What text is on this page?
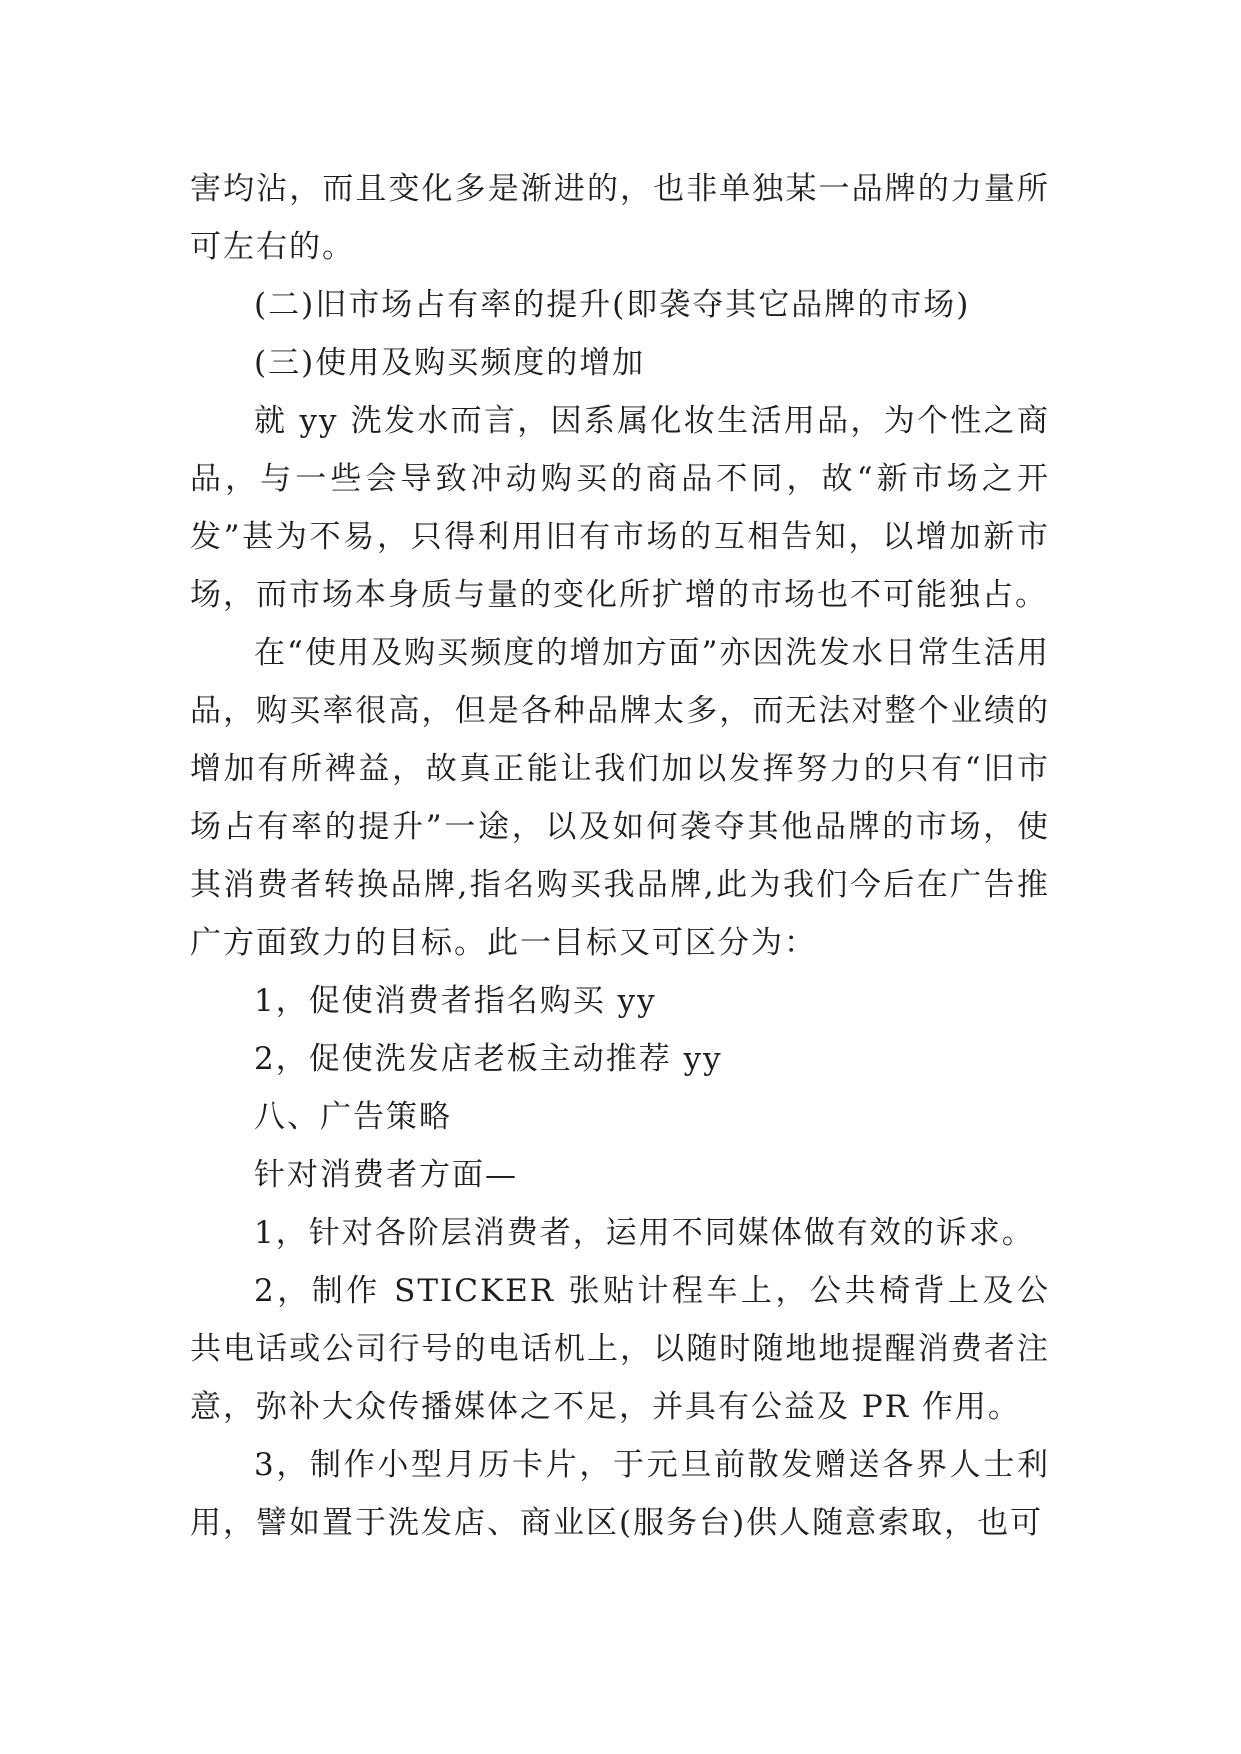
害均沾，而且变化多是渐进的，也非单独某一品牌的力量所可左右的。

(二)旧市场占有率的提升(即袭夺其它品牌的市场)

(三)使用及购买频度的增加

就 yy 洗发水而言，因系属化妆生活用品，为个性之商品，与一些会导致冲动购买的商品不同，故“新市场之开发”甚为不易，只得利用旧有市场的互相告知，以增加新市场，而市场本身质与量的变化所扩增的市场也不可能独占。

在“使用及购买频度的增加方面”亦因洗发水日常生活用品，购买率很高，但是各种品牌太多，而无法对整个业绩的增加有所裨益，故真正能让我们加以发挥努力的只有“旧市场占有率的提升”一途，以及如何袭夺其他品牌的市场，使其消费者转换品牌,指名购买我品牌,此为我们今后在广告推广方面致力的目标。此一目标又可区分为：

1，促使消费者指名购买 yy

2，促使洗发店老板主动推荐 yy

八、广告策略

针对消费者方面—

1，针对各阶层消费者，运用不同媒体做有效的诉求。

2，制作 STICKER 张贴计程车上，公共椅背上及公共电话或公司行号的电话机上，以随时随地地提醒消费者注意，弥补大众传播媒体之不足，并具有公益及 PR 作用。

3，制作小型月历卡片，于元旦前散发赠送各界人士利用，譬如置于洗发店、商业区(服务台)供人随意索取，也可
